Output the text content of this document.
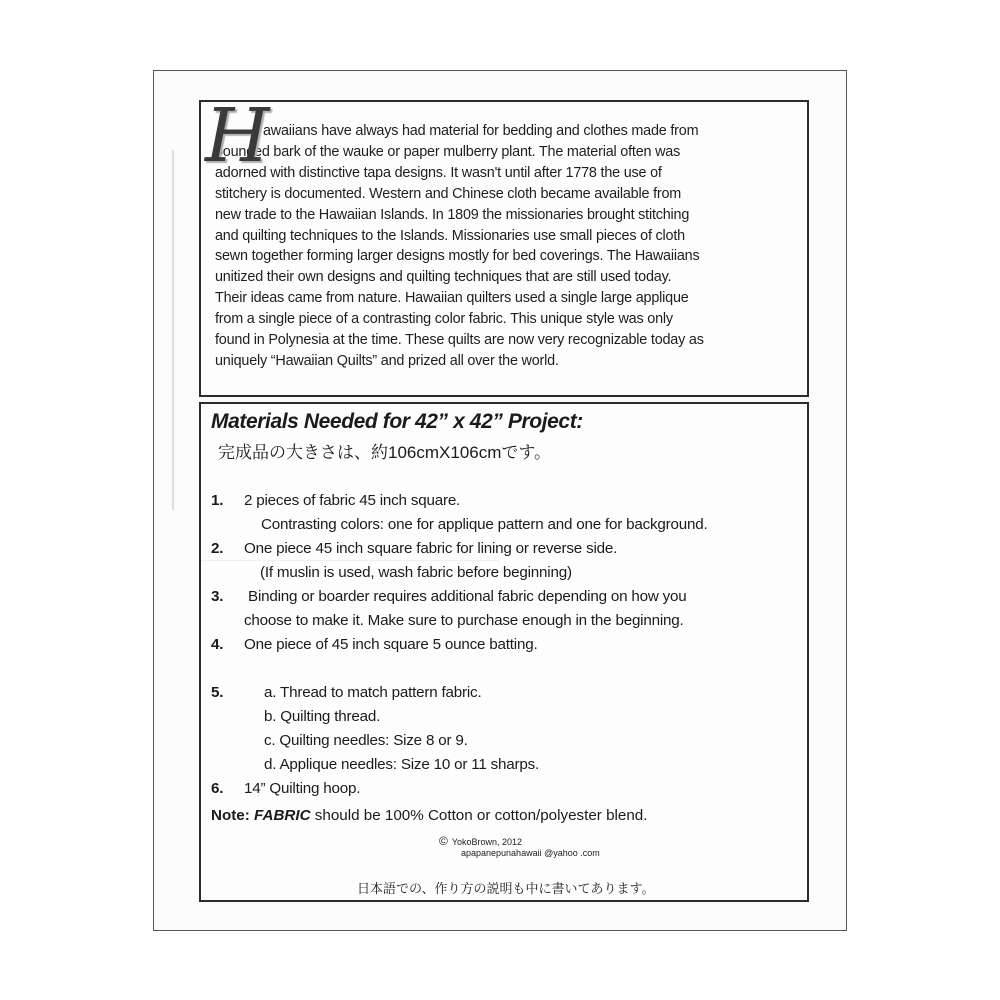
H

awaiians have always had material for bedding and clothes made from

pounded bark of the wauke or paper mulberry plant. The material often was

adorned with distinctive tapa designs. It wasn't until after 1778 the use of

stitchery is documented. Western and Chinese cloth became available from

new trade to the Hawaiian Islands. In 1809 the missionaries brought stitching

and quilting techniques to the Islands. Missionaries use small pieces of cloth

sewn together forming larger designs mostly for bed coverings. The Hawaiians

unitized their own designs and quilting techniques that are still used today.

Their ideas came from nature. Hawaiian quilters used a single large applique

from a single piece of a contrasting color fabric. This unique style was only

found in Polynesia at the time. These quilts are now very recognizable today as

uniquely “Hawaiian Quilts” and prized all over the world.

Materials Needed for 42” x 42” Project:
完成品の大きさは、約106cmX106cmです。
1. 2 pieces of fabric 45 inch square.
Contrasting colors: one for applique pattern and one for background.
2. One piece 45 inch square fabric for lining or reverse side.
(If muslin is used, wash fabric before beginning)
3. Binding or boarder requires additional fabric depending on how you
choose to make it. Make sure to purchase enough in the beginning.
4. One piece of 45 inch square 5 ounce batting.
5.	a. Thread to match pattern fabric.
b. Quilting thread.
c. Quilting needles: Size 8 or 9.
d. Applique needles: Size 10 or 11 sharps.
6. 14” Quilting hoop.
Note: FABRIC should be 100% Cotton or cotton/polyester blend.
© YokoBrown, 2012
apapanepunahawaii @yahoo .com
日本語での、作り方の説明も中に書いてあります。
